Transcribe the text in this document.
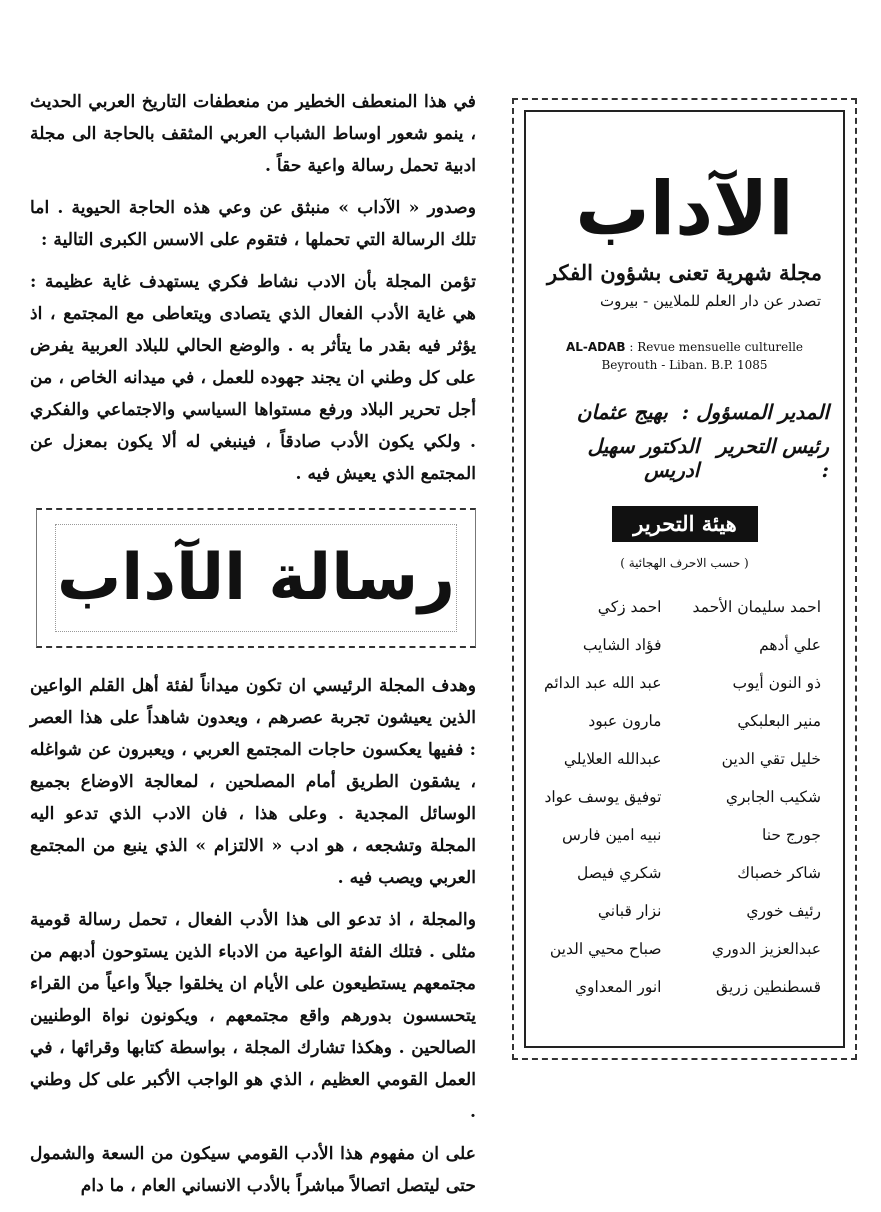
في هذا المنعطف الخطير من منعطفات التاريخ العربي الحديث ، ينمو شعور اوساط الشباب العربي المثقف بالحاجة الى مجلة ادبية تحمل رسالة واعية حقاً .

وصدور « الآداب » منبثق عن وعي هذه الحاجة الحيوية . اما تلك الرسالة التي تحملها ، فتقوم على الاسس الكبرى التالية :

تؤمن المجلة بأن الادب نشاط فكري يستهدف غاية عظيمة : هي غاية الأدب الفعال الذي يتصادى ويتعاطى مع المجتمع ، اذ يؤثر فيه بقدر ما يتأثر به . والوضع الحالي للبلاد العربية يفرض على كل وطني ان يجند جهوده للعمل ، في ميدانه الخاص ، من أجل تحرير البلاد ورفع مستواها السياسي والاجتماعي والفكري . ولكي يكون الأدب صادقاً ، فينبغي له ألا يكون بمعزل عن المجتمع الذي يعيش فيه .

رسالة الآداب

وهدف المجلة الرئيسي ان تكون ميداناً لفئة أهل القلم الواعين الذين يعيشون تجربة عصرهم ، ويعدون شاهداً على هذا العصر : ففيها يعكسون حاجات المجتمع العربي ، ويعبرون عن شواغله ، يشقون الطريق أمام المصلحين ، لمعالجة الاوضاع بجميع الوسائل المجدية . وعلى هذا ، فان الادب الذي تدعو اليه المجلة وتشجعه ، هو ادب « الالتزام » الذي ينبع من المجتمع العربي ويصب فيه .

والمجلة ، اذ تدعو الى هذا الأدب الفعال ، تحمل رسالة قومية مثلى . فتلك الفئة الواعية من الادباء الذين يستوحون أدبهم من مجتمعهم يستطيعون على الأيام ان يخلقوا جيلاً واعياً من القراء يتحسسون بدورهم واقع مجتمعهم ، ويكونون نواة الوطنيين الصالحين . وهكذا تشارك المجلة ، بواسطة كتابها وقرائها ، في العمل القومي العظيم ، الذي هو الواجب الأكبر على كل وطني .

على ان مفهوم هذا الأدب القومي سيكون من السعة والشمول حتى ليتصل اتصالاً مباشراً بالأدب الانساني العام ، ما دام

الآداب
مجلة شهرية تعنى بشؤون الفكر
تصدر عن دار العلم للملايين - بيروت
AL-ADAB : Revue mensuelle culturelle
Beyrouth - Liban. B.P. 1085
المدير المسؤول :
بهيج عثمان
رئيس التحرير :
الدكتور سهيل ادريس
هيئة التحرير
( حسب الاحرف الهجائية )
احمد سليمان الأحمد
احمد زكي
علي أدهم
فؤاد الشايب
ذو النون أيوب
عبد الله عبد الدائم
منير البعلبكي
مارون عبود
خليل تقي الدين
عبدالله العلايلي
شكيب الجابري
توفيق يوسف عواد
جورج حنا
نبيه امين فارس
شاكر خصباك
شكري فيصل
رئيف خوري
نزار قباني
عبدالعزيز الدوري
صباح محيي الدين
قسطنطين زريق
انور المعداوي
